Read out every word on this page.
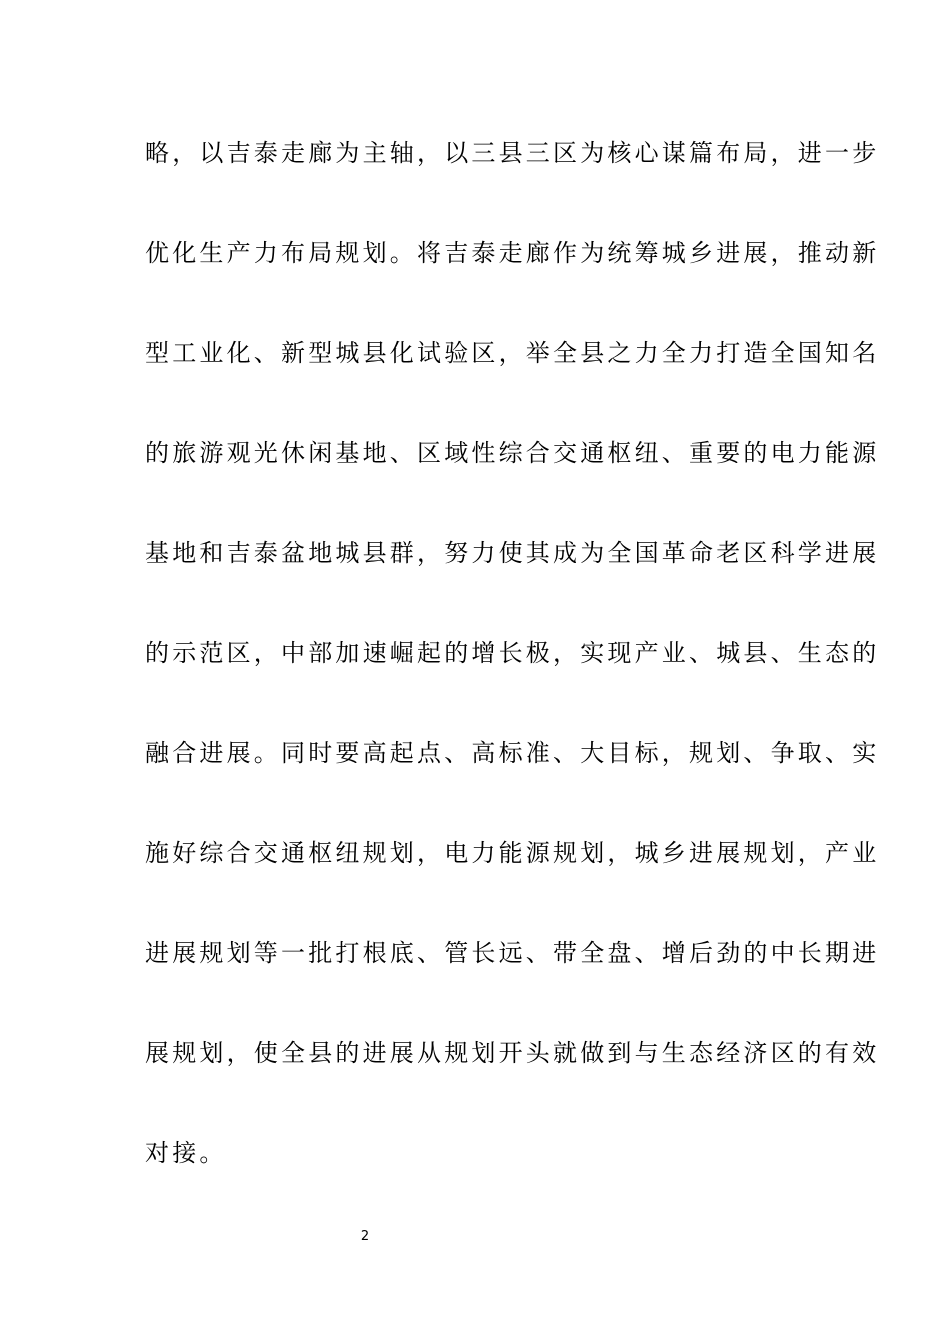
略，以吉泰走廊为主轴，以三县三区为核心谋篇布局，进一步
优化生产力布局规划。将吉泰走廊作为统筹城乡进展，推动新
型工业化、新型城县化试验区，举全县之力全力打造全国知名
的旅游观光休闲基地、区域性综合交通枢纽、重要的电力能源
基地和吉泰盆地城县群，努力使其成为全国革命老区科学进展
的示范区，中部加速崛起的增长极，实现产业、城县、生态的
融合进展。同时要高起点、高标准、大目标，规划、争取、实
施好综合交通枢纽规划，电力能源规划，城乡进展规划，产业
进展规划等一批打根底、管长远、带全盘、增后劲的中长期进
展规划，使全县的进展从规划开头就做到与生态经济区的有效
对接。
2
